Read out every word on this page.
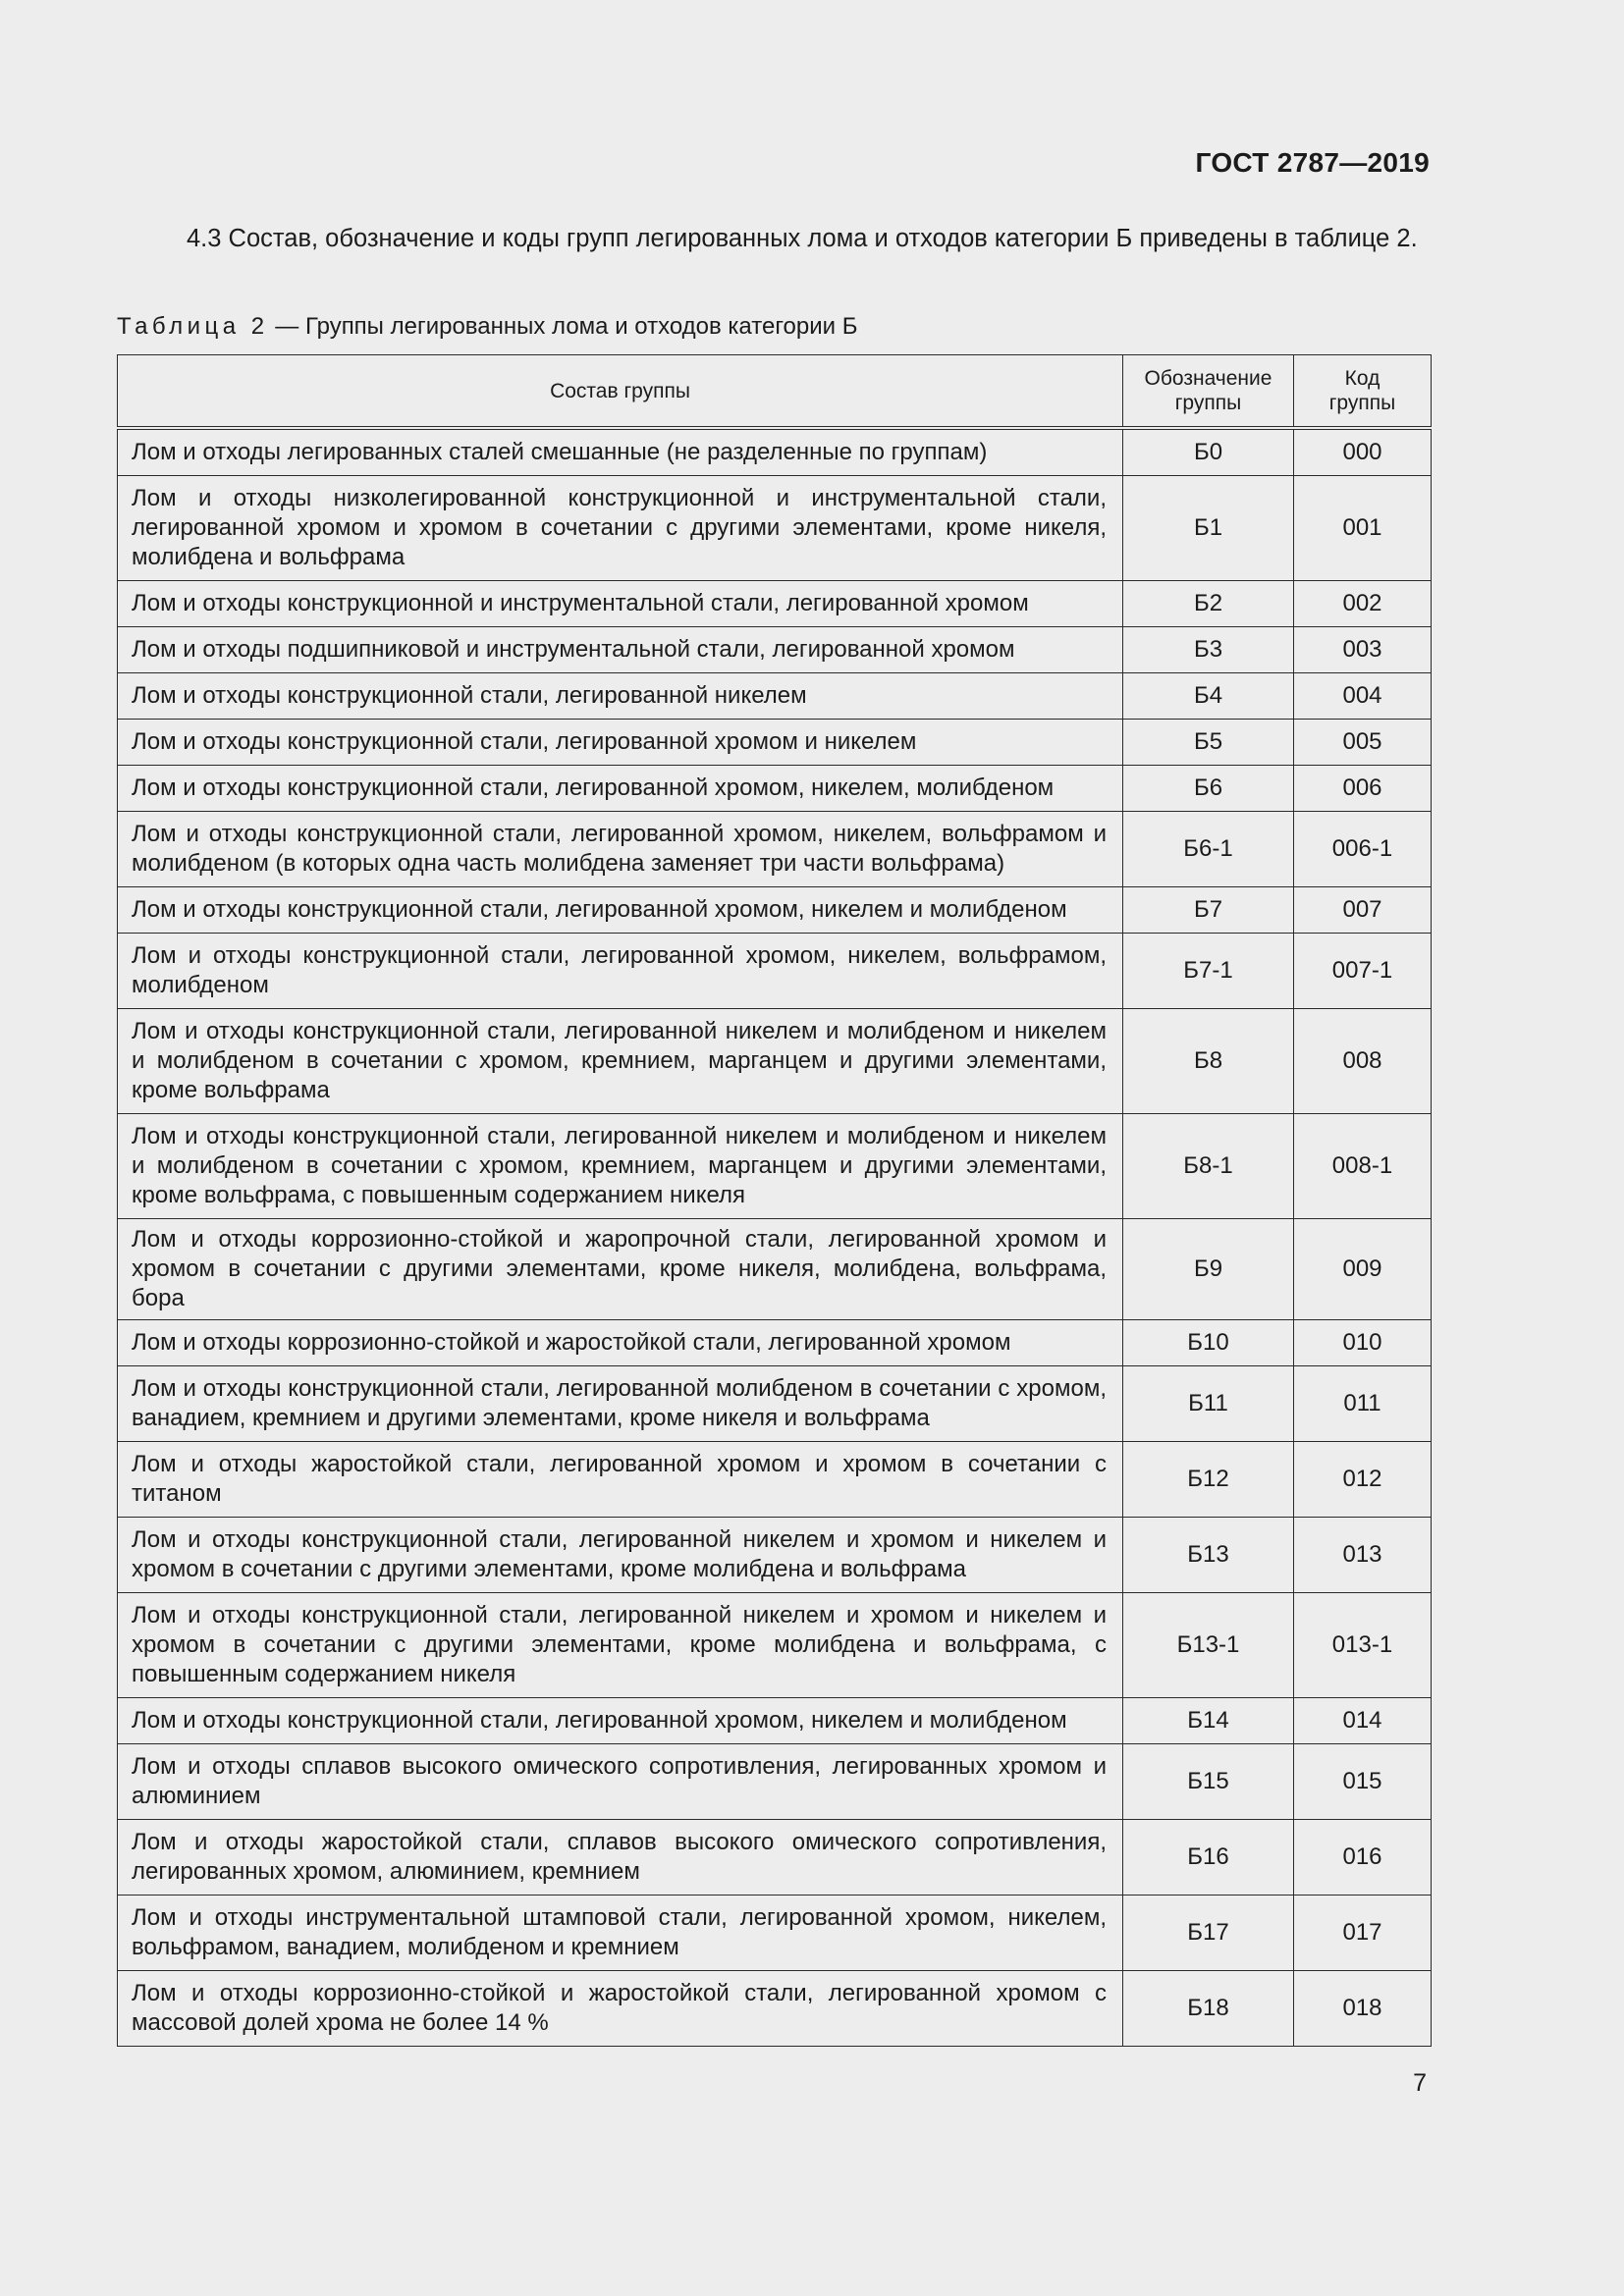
ГОСТ 2787—2019

4.3 Состав, обозначение и коды групп легированных лома и отходов категории Б приведены в таблице 2.

Таблица 2 — Группы легированных лома и отходов категории Б
Состав группы	Обозначение группы	Код группы
Лом и отходы легированных сталей смешанные (не разделенные по группам)	Б0	000
Лом и отходы низколегированной конструкционной и инструментальной стали, легированной хромом и хромом в сочетании с другими элементами, кроме никеля, молибдена и вольфрама	Б1	001
Лом и отходы конструкционной и инструментальной стали, легированной хромом	Б2	002
Лом и отходы подшипниковой и инструментальной стали, легированной хромом	Б3	003
Лом и отходы конструкционной стали, легированной никелем	Б4	004
Лом и отходы конструкционной стали, легированной хромом и никелем	Б5	005
Лом и отходы конструкционной стали, легированной хромом, никелем, молибденом	Б6	006
Лом и отходы конструкционной стали, легированной хромом, никелем, вольфрамом и молибденом (в которых одна часть молибдена заменяет три части вольфрама)	Б6-1	006-1
Лом и отходы конструкционной стали, легированной хромом, никелем и молибденом	Б7	007
Лом и отходы конструкционной стали, легированной хромом, никелем, вольфрамом, молибденом	Б7-1	007-1
Лом и отходы конструкционной стали, легированной никелем и молибденом и никелем и молибденом в сочетании с хромом, кремнием, марганцем и другими элементами, кроме вольфрама	Б8	008
Лом и отходы конструкционной стали, легированной никелем и молибденом и никелем и молибденом в сочетании с хромом, кремнием, марганцем и другими элементами, кроме вольфрама, с повышенным содержанием никеля	Б8-1	008-1
Лом и отходы коррозионно-стойкой и жаропрочной стали, легированной хромом и хромом в сочетании с другими элементами, кроме никеля, молибдена, вольфрама, бора	Б9	009
Лом и отходы коррозионно-стойкой и жаростойкой стали, легированной хромом	Б10	010
Лом и отходы конструкционной стали, легированной молибденом в сочетании с хромом, ванадием, кремнием и другими элементами, кроме никеля и вольфрама	Б11	011
Лом и отходы жаростойкой стали, легированной хромом и хромом в сочетании с титаном	Б12	012
Лом и отходы конструкционной стали, легированной никелем и хромом и никелем и хромом в сочетании с другими элементами, кроме молибдена и вольфрама	Б13	013
Лом и отходы конструкционной стали, легированной никелем и хромом и никелем и хромом в сочетании с другими элементами, кроме молибдена и вольфрама, с повышенным содержанием никеля	Б13-1	013-1
Лом и отходы конструкционной стали, легированной хромом, никелем и молибденом	Б14	014
Лом и отходы сплавов высокого омического сопротивления, легированных хромом и алюминием	Б15	015
Лом и отходы жаростойкой стали, сплавов высокого омического сопротивления, легированных хромом, алюминием, кремнием	Б16	016
Лом и отходы инструментальной штамповой стали, легированной хромом, никелем, вольфрамом, ванадием, молибденом и кремнием	Б17	017
Лом и отходы коррозионно-стойкой и жаростойкой стали, легированной хромом с массовой долей хрома не более 14 %	Б18	018
7
